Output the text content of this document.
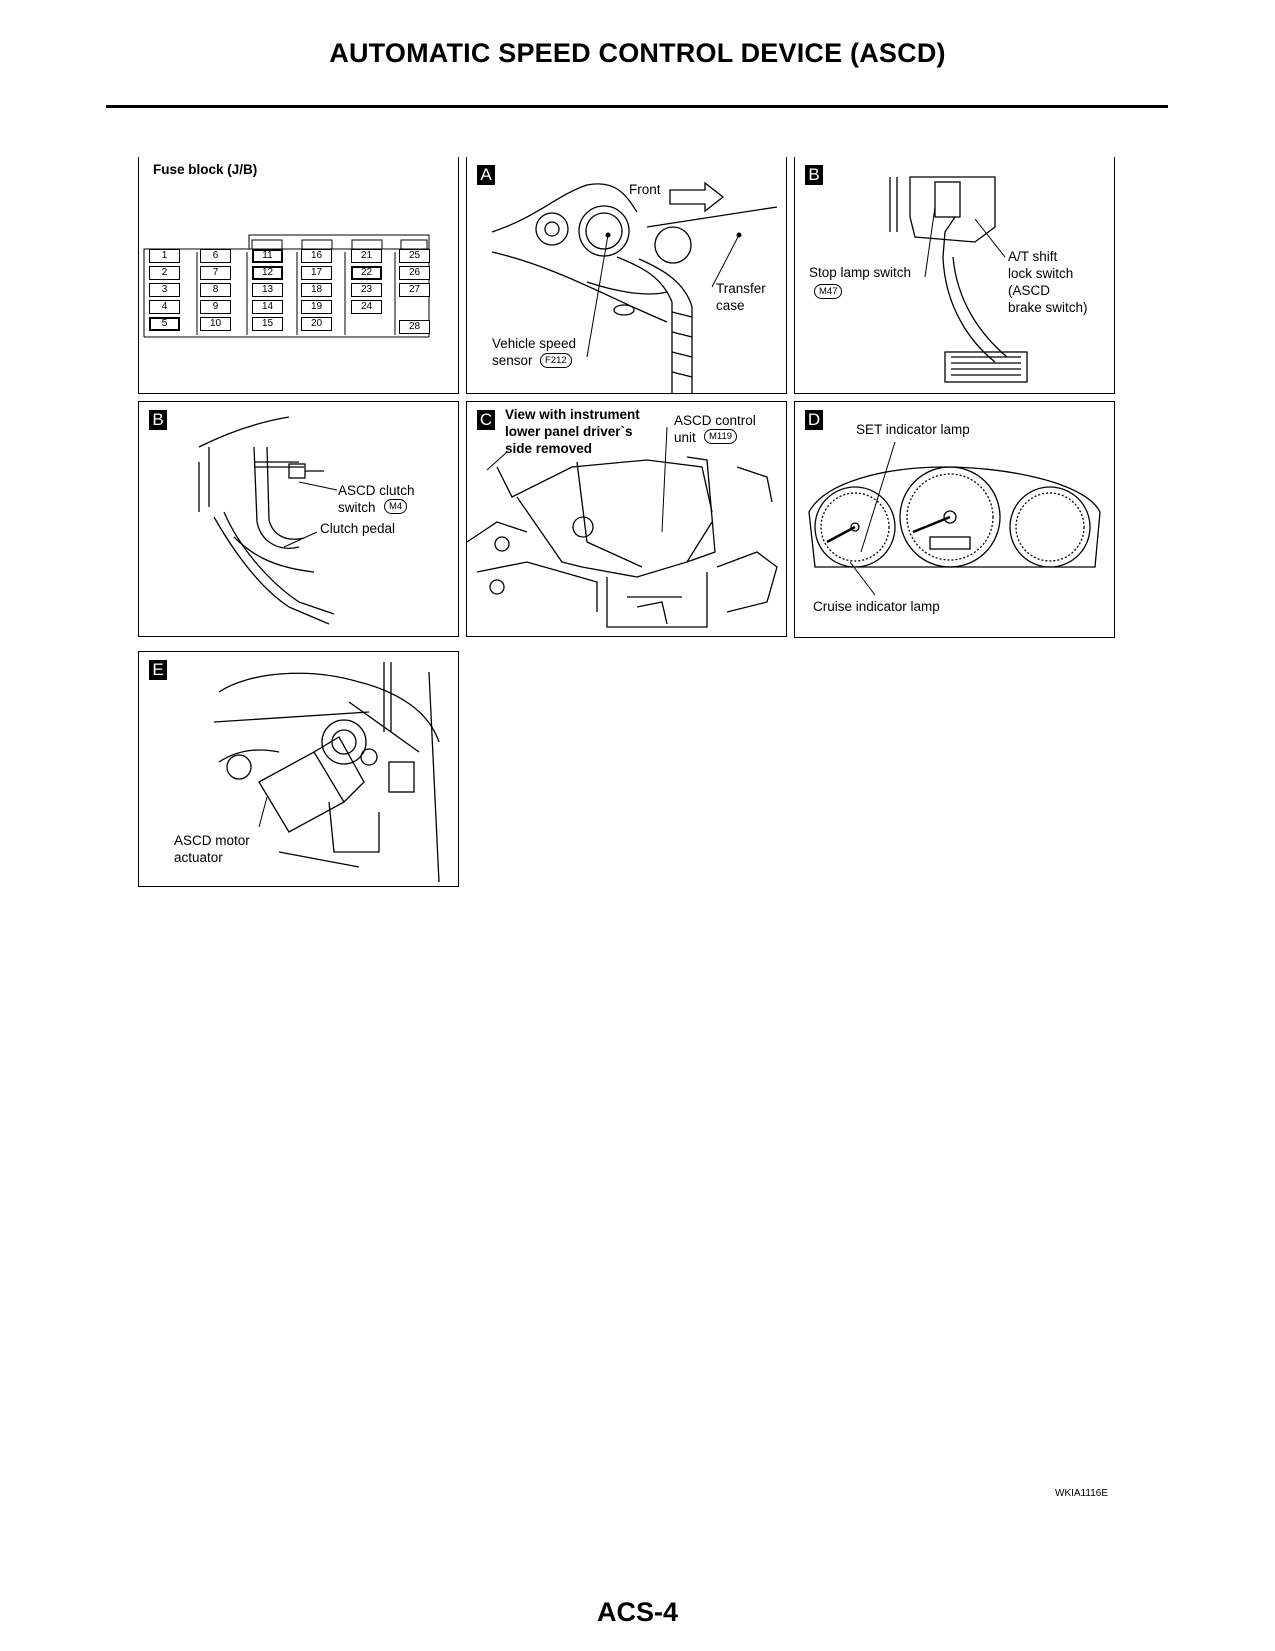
AUTOMATIC SPEED CONTROL DEVICE (ASCD)
Fuse block (J/B)
1
2
3
4
5
6
7
8
9
10
11
12
13
14
15
16
17
18
19
20
21
22
23
24
25
26
27
28
A
Front
Transfer
case
Vehicle speed
sensor	F212
B
Stop lamp switch
M47
A/T shift
lock switch
(ASCD
brake switch)
B
ASCD clutch
switch	M4
Clutch pedal
C View with instrument
lower panel driver`s
side removed
ASCD control
unit	M119
D
SET indicator lamp
Cruise indicator lamp
E
ASCD motor
actuator
WKIA1116E
ACS-4
